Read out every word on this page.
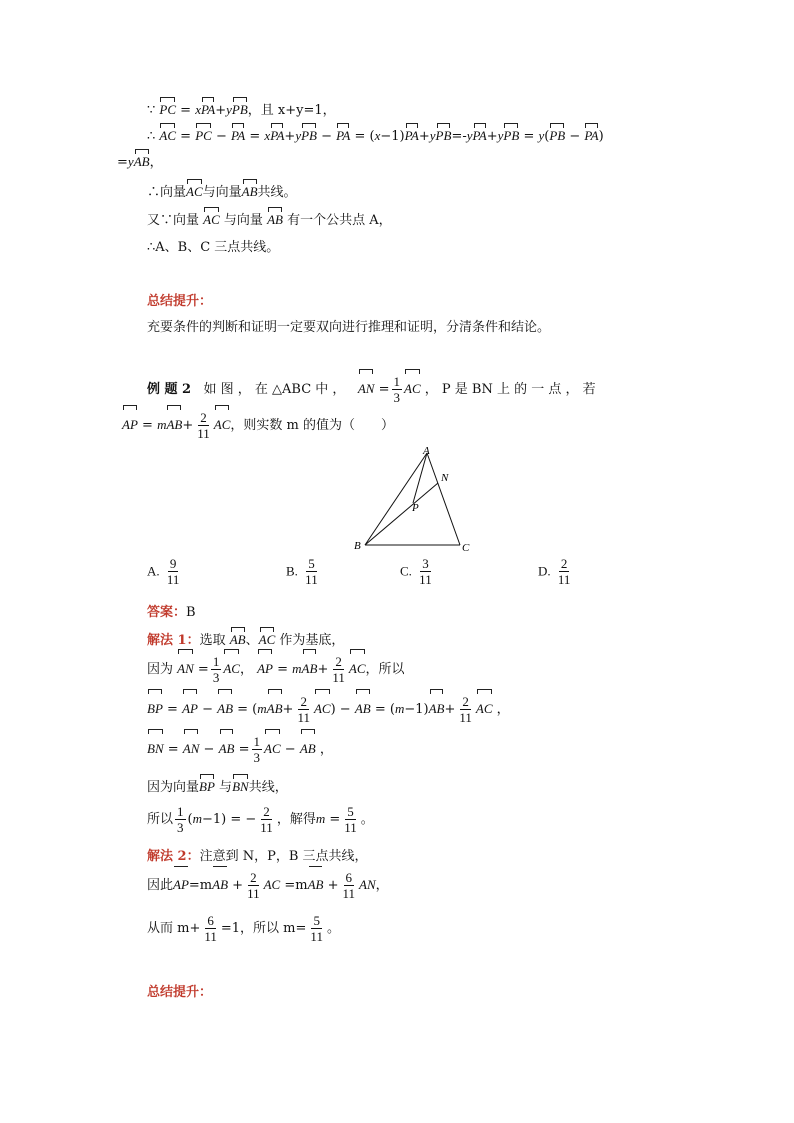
∵ PC = xPA+yPB，且 x+y=1，
∴ AC = PC − PA = xPA+yPB − PA = (x−1)PA+yPB=-yPA+yPB = y(PB − PA)
=yAB，
∴向量AC与向量AB共线。
又∵向量 AC 与向量 AB 有一个公共点 A，
∴A、B、C 三点共线。
总结提升：
充要条件的判断和证明一定要双向进行推理和证明，分清条件和结论。
例 题 2 如 图 ， 在 △ABC 中 ， AN = $\frac{1}{3}$ AC ， P 是 BN 上 的 一 点 ， 若
AP = $mAB+ \frac{2}{11}$ AC，则实数 m 的值为（　　）
A
N
P
B	C
A. $\frac{9}{11}$	B. $\frac{5}{11}$	C. $\frac{3}{11}$	D. $\frac{2}{11}$
答案：B
解法 1：选取 AB、AC 作为基底，
因为 AN = $\frac{1}{3}$ AC， AP = $mAB+ \frac{2}{11}$ AC，所以
BP = AP − AB = $(mAB+ \frac{2}{11} AC)$ − AB = $(m-1)AB+ \frac{2}{11}$ AC ，
BN = AN − AB = $\frac{1}{3}$ AC − AB ，
因为向量BP 与BN共线，
所以 $\frac{1}{3} (m-1)$ = − $\frac{2}{11}$ ，解得$m = \frac{5}{11}$ 。
解法 2：注意到 N，P，B 三点共线，
因此$AP=mAB + \frac{2}{11}$ AC $=mAB + \frac{6}{11}$ AN，
从而 $m+ \frac{6}{11} =1$，所以 $m= \frac{5}{11}$ 。
总结提升：
